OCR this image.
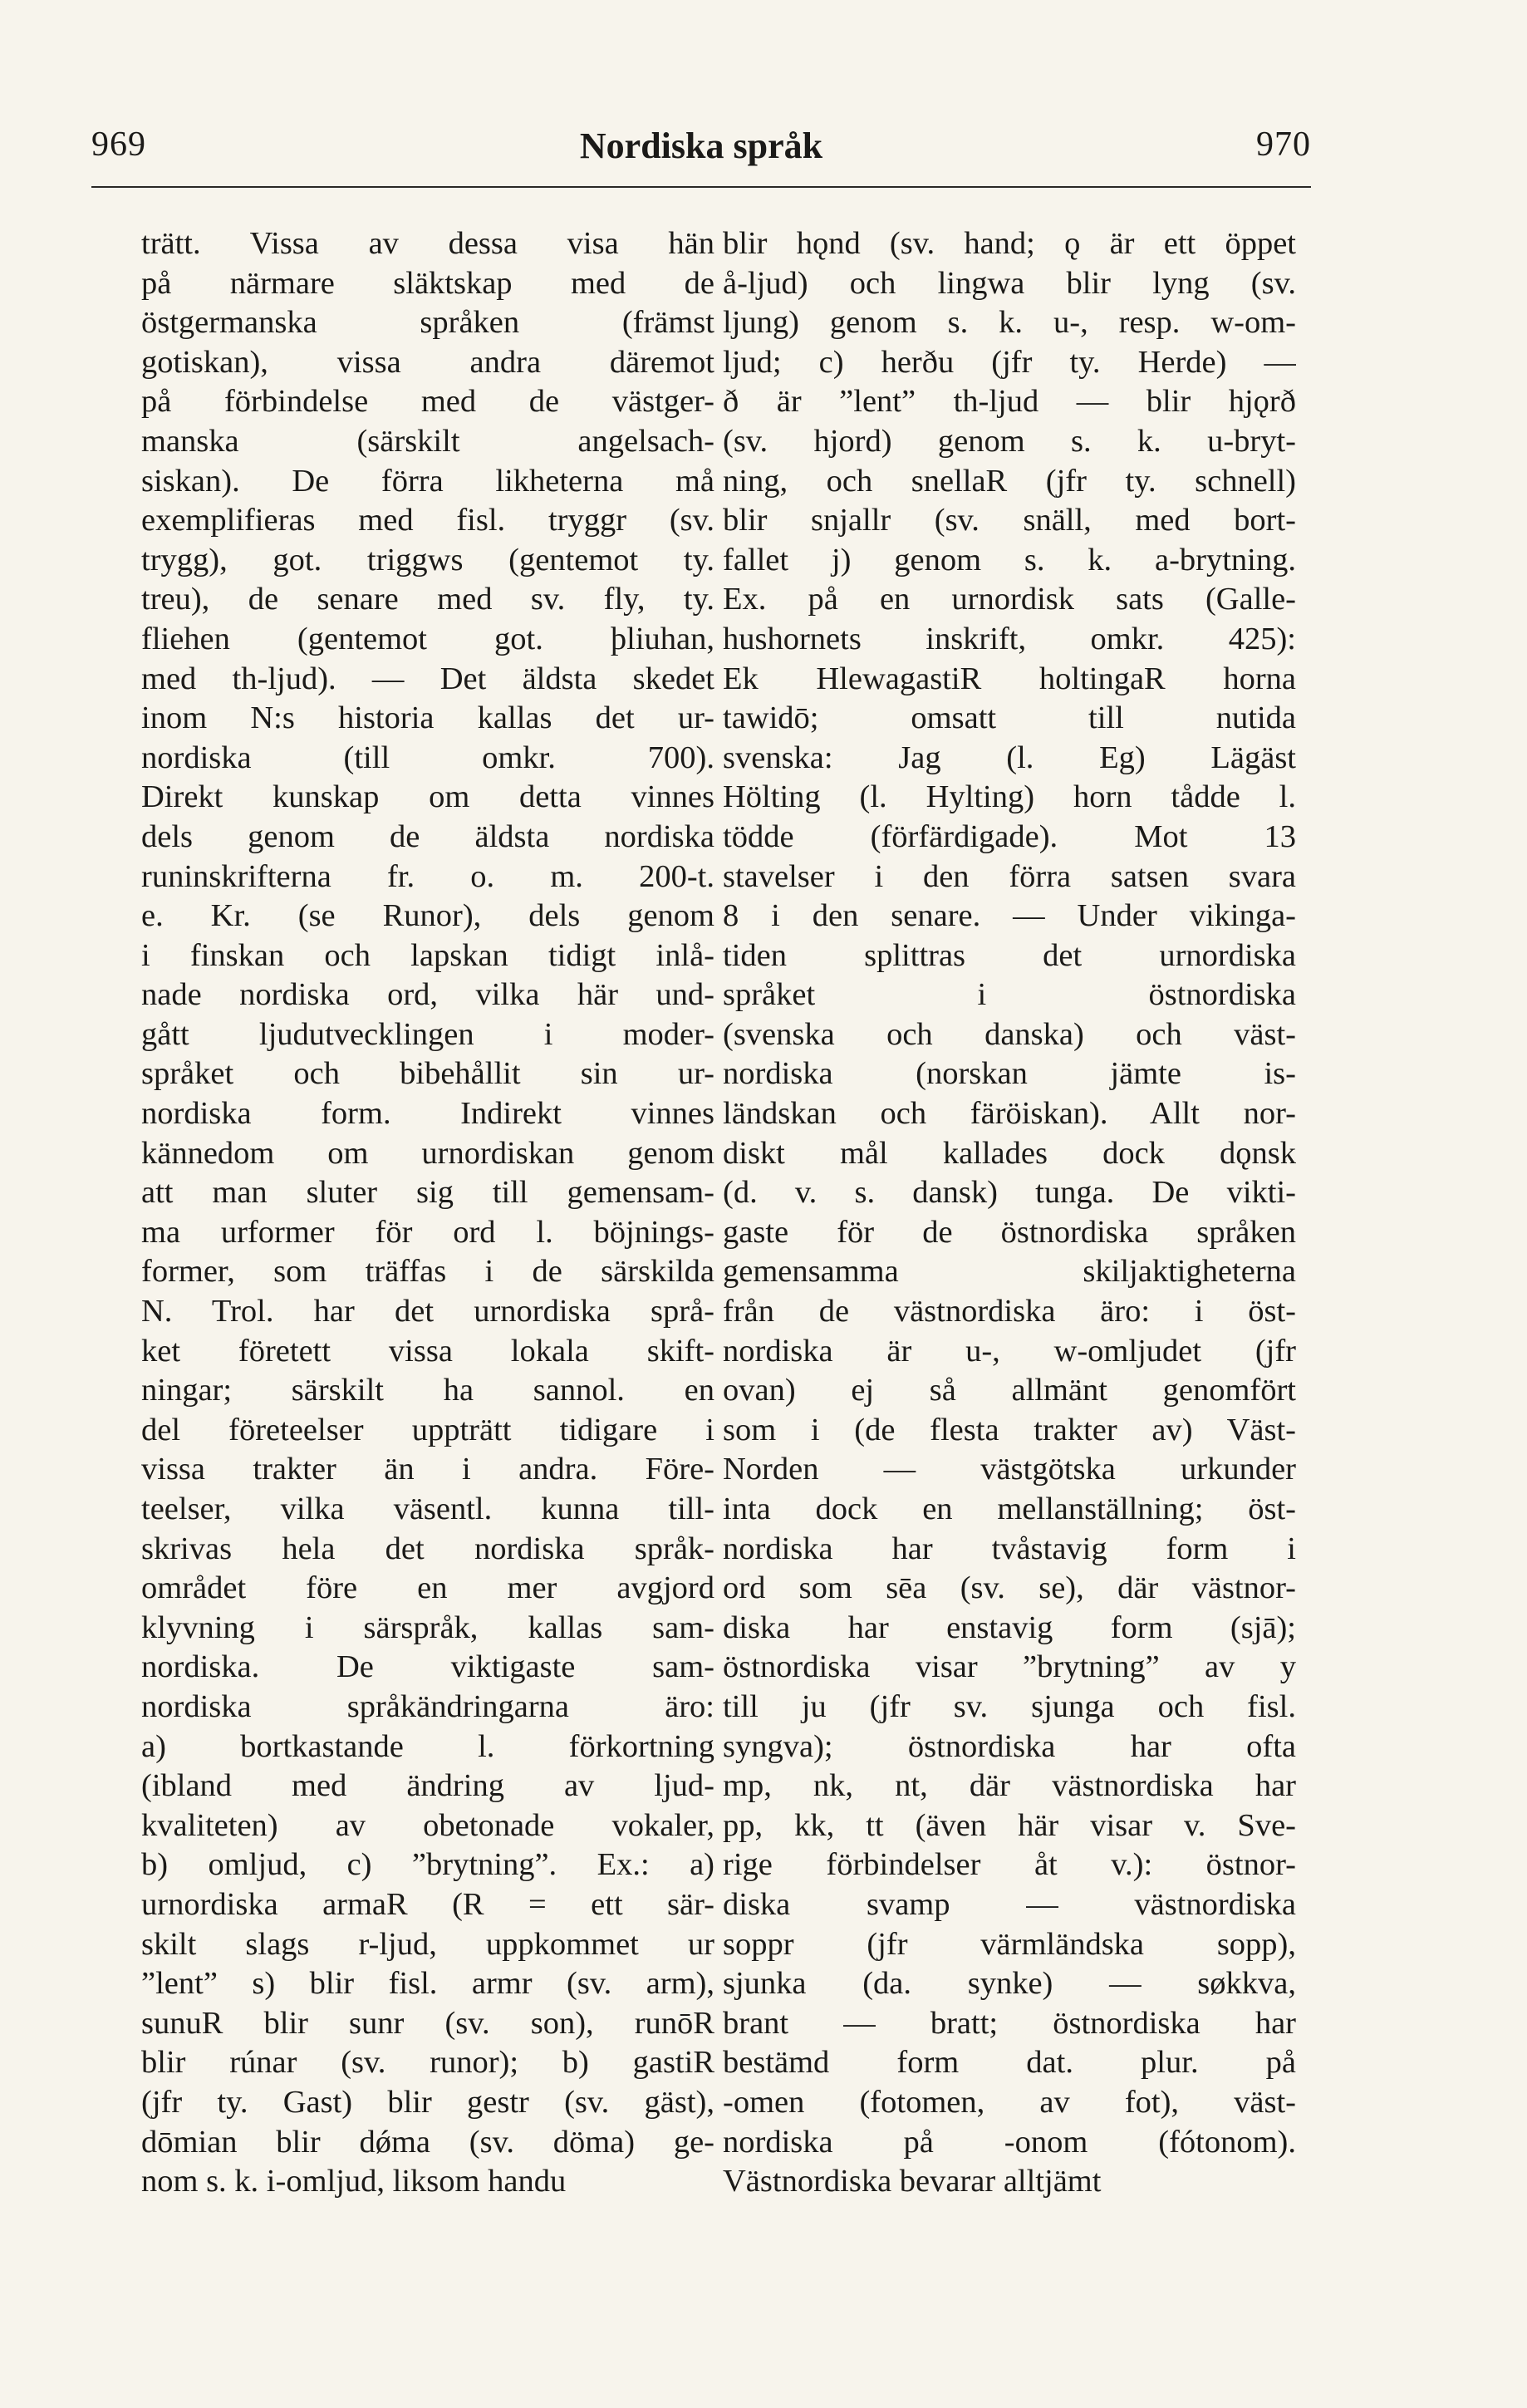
969	Nordiska språk	970
trätt. Vissa av dessa visa hän
på närmare släktskap med de
östgermanska språken (främst
gotiskan), vissa andra däremot
på förbindelse med de västger-
manska (särskilt angelsach-
siskan). De förra likheterna må
exemplifieras med fisl. tryggr (sv.
trygg), got. triggws (gentemot ty.
treu), de senare med sv. fly, ty.
fliehen (gentemot got. þliuhan,
med th-ljud). — Det äldsta skedet
inom N:s historia kallas det ur-
nordiska (till omkr. 700).
Direkt kunskap om detta vinnes
dels genom de äldsta nordiska
runinskrifterna fr. o. m. 200-t.
e. Kr. (se Runor), dels genom
i finskan och lapskan tidigt inlå-
nade nordiska ord, vilka här und-
gått ljudutvecklingen i moder-
språket och bibehållit sin ur-
nordiska form. Indirekt vinnes
kännedom om urnordiskan genom
att man sluter sig till gemensam-
ma urformer för ord l. böjnings-
former, som träffas i de särskilda
N. Trol. har det urnordiska språ-
ket företett vissa lokala skift-
ningar; särskilt ha sannol. en
del företeelser uppträtt tidigare i
vissa trakter än i andra. Före-
teelser, vilka väsentl. kunna till-
skrivas hela det nordiska språk-
området före en mer avgjord
klyvning i särspråk, kallas sam-
nordiska. De viktigaste sam-
nordiska språkändringarna äro:
a) bortkastande l. förkortning
(ibland med ändring av ljud-
kvaliteten) av obetonade vokaler,
b) omljud, c) ”brytning”. Ex.: a)
urnordiska armaR (R = ett sär-
skilt slags r-ljud, uppkommet ur
”lent” s) blir fisl. armr (sv. arm),
sunuR blir sunr (sv. son), runōR
blir rúnar (sv. runor); b) gastiR
(jfr ty. Gast) blir gestr (sv. gäst),
dōmian blir dǿma (sv. döma) ge-
nom s. k. i-omljud, liksom handu
blir hǫnd (sv. hand; ǫ är ett öppet
å-ljud) och lingwa blir lyng (sv.
ljung) genom s. k. u-, resp. w-om-
ljud; c) herðu (jfr ty. Herde) —
ð är ”lent” th-ljud — blir hjǫrð
(sv. hjord) genom s. k. u-bryt-
ning, och snellaR (jfr ty. schnell)
blir snjallr (sv. snäll, med bort-
fallet j) genom s. k. a-brytning.
Ex. på en urnordisk sats (Galle-
hushornets inskrift, omkr. 425):
Ek HlewagastiR holtingaR horna
tawidō; omsatt till nutida
svenska: Jag (l. Eg) Lägäst
Hölting (l. Hylting) horn tådde l.
tödde (förfärdigade). Mot 13
stavelser i den förra satsen svara
8 i den senare. — Under vikinga-
tiden splittras det urnordiska
språket i östnordiska
(svenska och danska) och väst-
nordiska (norskan jämte is-
ländskan och färöiskan). Allt nor-
diskt mål kallades dock dǫnsk
(d. v. s. dansk) tunga. De vikti-
gaste för de östnordiska språken
gemensamma skiljaktigheterna
från de västnordiska äro: i öst-
nordiska är u-, w-omljudet (jfr
ovan) ej så allmänt genomfört
som i (de flesta trakter av) Väst-
Norden — västgötska urkunder
inta dock en mellanställning; öst-
nordiska har tvåstavig form i
ord som sēa (sv. se), där västnor-
diska har enstavig form (sjā);
östnordiska visar ”brytning” av y
till ju (jfr sv. sjunga och fisl.
syngva); östnordiska har ofta
mp, nk, nt, där västnordiska har
pp, kk, tt (även här visar v. Sve-
rige förbindelser åt v.): östnor-
diska svamp — västnordiska
soppr (jfr värmländska sopp),
sjunka (da. synke) — søkkva,
brant — bratt; östnordiska har
bestämd form dat. plur. på
-omen (fotomen, av fot), väst-
nordiska på -onom (fótonom).
Västnordiska bevarar alltjämt
